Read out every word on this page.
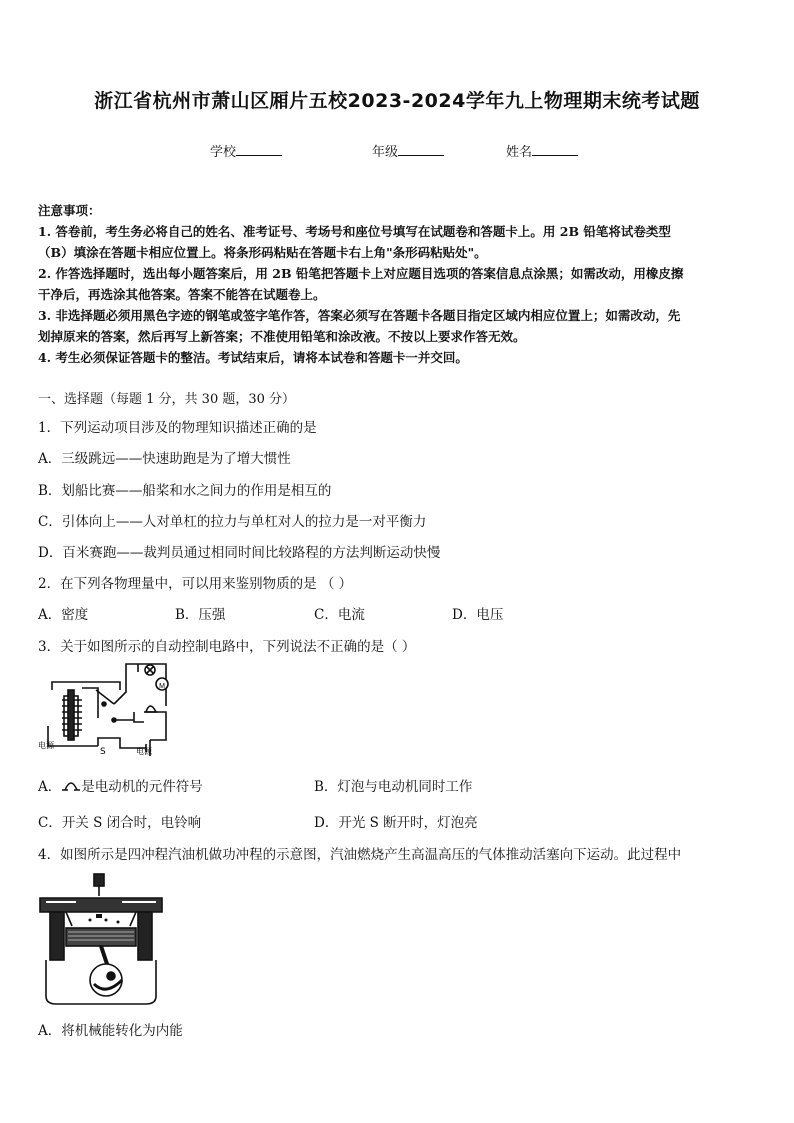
浙江省杭州市萧山区厢片五校2023-2024学年九上物理期末统考试题
学校	年级	姓名
注意事项：
1. 答卷前，考生务必将自己的姓名、准考证号、考场号和座位号填写在试题卷和答题卡上。用 2B 铅笔将试卷类型
（B）填涂在答题卡相应位置上。将条形码粘贴在答题卡右上角"条形码粘贴处"。
2. 作答选择题时，选出每小题答案后，用 2B 铅笔把答题卡上对应题目选项的答案信息点涂黑；如需改动，用橡皮擦
干净后，再选涂其他答案。答案不能答在试题卷上。
3. 非选择题必须用黑色字迹的钢笔或签字笔作答，答案必须写在答题卡各题目指定区域内相应位置上；如需改动，先
划掉原来的答案，然后再写上新答案；不准使用铅笔和涂改液。不按以上要求作答无效。
4. 考生必须保证答题卡的整洁。考试结束后，请将本试卷和答题卡一并交回。
一、选择题（每题 1 分，共 30 题，30 分）
1．下列运动项目涉及的物理知识描述正确的是
A．三级跳远——快速助跑是为了增大惯性
B．划船比赛——船桨和水之间力的作用是相互的
C．引体向上——人对单杠的拉力与单杠对人的拉力是一对平衡力
D．百米赛跑——裁判员通过相同时间比较路程的方法判断运动快慢
2．在下列各物理量中，可以用来鉴别物质的是 （ ）
A．密度	B．压强	C．电流	D．电压
3．关于如图所示的自动控制电路中，下列说法不正确的是（ ）
M
电源
S	电源
A． 是电动机的元件符号	B．灯泡与电动机同时工作
C．开关 S 闭合时，电铃响	D．开光 S 断开时，灯泡亮
4．如图所示是四冲程汽油机做功冲程的示意图，汽油燃烧产生高温高压的气体推动活塞向下运动。此过程中
A．将机械能转化为内能
